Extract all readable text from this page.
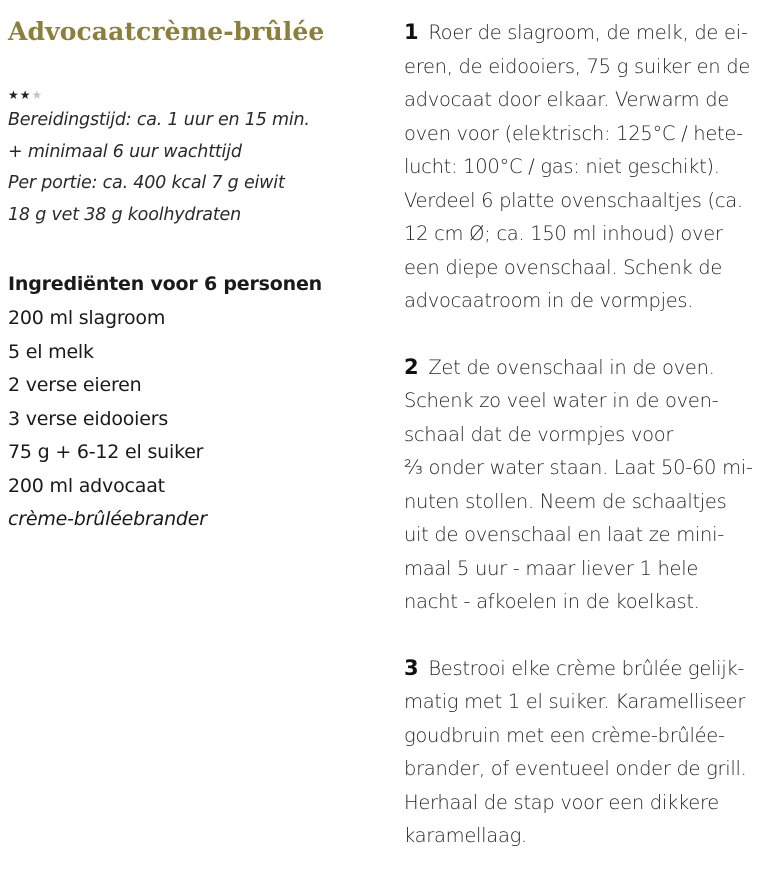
Advocaatcrème-brûlée
★★★
Bereidingstijd: ca. 1 uur en 15 min.
+ minimaal 6 uur wachttijd
Per portie: ca. 400 kcal 7 g eiwit
18 g vet 38 g koolhydraten
Ingrediënten voor 6 personen
200 ml slagroom
5 el melk
2 verse eieren
3 verse eidooiers
75 g + 6-12 el suiker
200 ml advocaat
crème-brûléebrander
1 Roer de slagroom, de melk, de ei-
eren, de eidooiers, 75 g suiker en de
advocaat door elkaar. Verwarm de
oven voor (elektrisch: 125°C / hete-
lucht: 100°C / gas: niet geschikt).
Verdeel 6 platte ovenschaaltjes (ca.
12 cm Ø; ca. 150 ml inhoud) over
een diepe ovenschaal. Schenk de
advocaatroom in de vormpjes.
2 Zet de ovenschaal in de oven.
Schenk zo veel water in de oven-
schaal dat de vormpjes voor
⅔ onder water staan. Laat 50-60 mi-
nuten stollen. Neem de schaaltjes
uit de ovenschaal en laat ze mini-
maal 5 uur - maar liever 1 hele
nacht - afkoelen in de koelkast.
3 Bestrooi elke crème brûlée gelijk-
matig met 1 el suiker. Karamelliseer
goudbruin met een crème-brûlée-
brander, of eventueel onder de grill.
Herhaal de stap voor een dikkere
karamellaag.
